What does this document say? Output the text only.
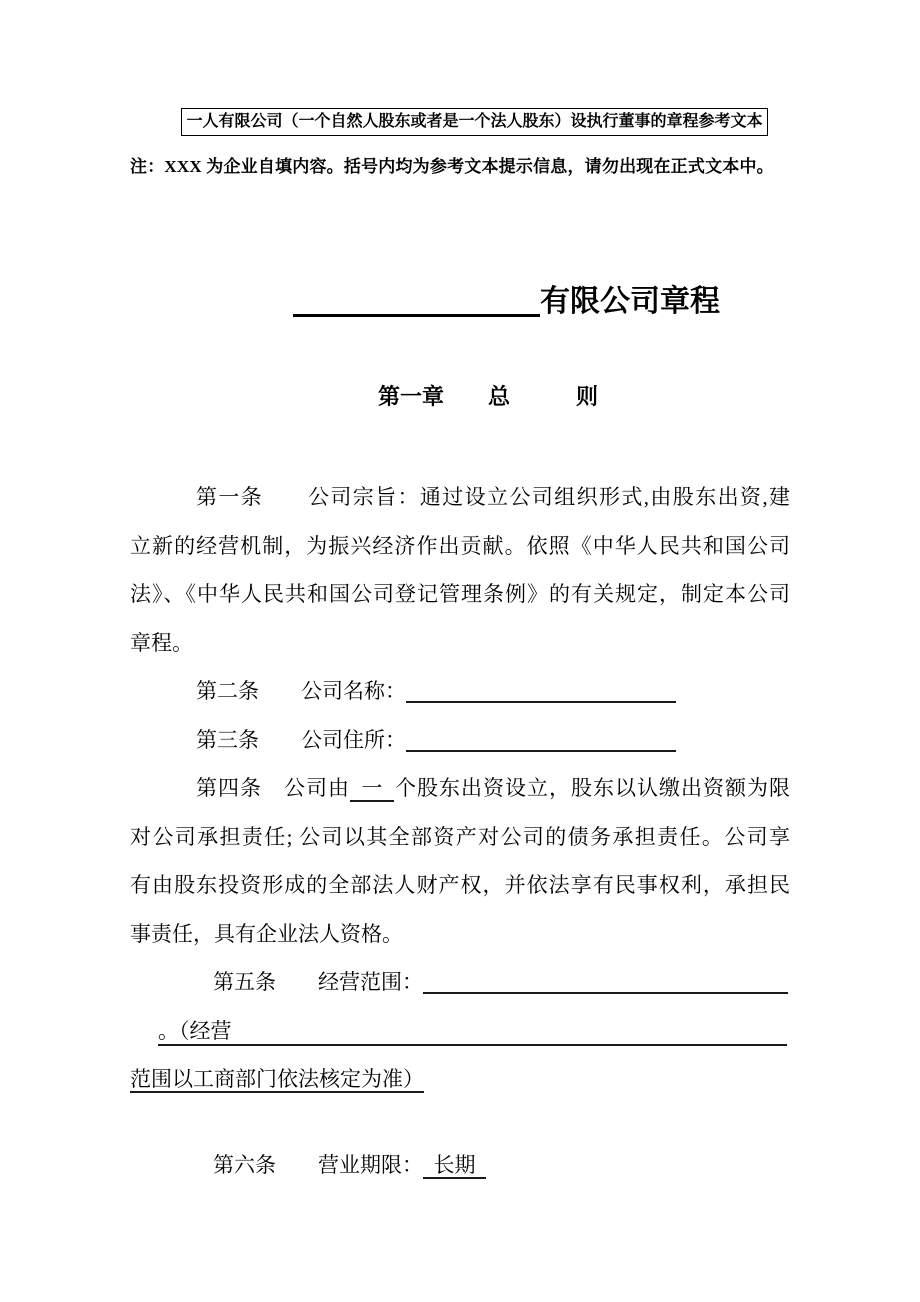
一人有限公司（一个自然人股东或者是一个法人股东）设执行董事的章程参考文本
注：XXX 为企业自填内容。括号内均为参考文本提示信息，请勿出现在正式文本中。
有限公司章程
第一章　　总　　　则
第一条　　公司宗旨：通过设立公司组织形式,由股东出资,建
立新的经营机制，为振兴经济作出贡献。依照《中华人民共和国公司
法》、《中华人民共和国公司登记管理条例》的有关规定，制定本公司
章程。
第二条　　公司名称：
第三条　　公司住所：
第四条　公司由 一 个股东出资设立，股东以认缴出资额为限
对公司承担责任; 公司以其全部资产对公司的债务承担责任。公司享
有由股东投资形成的全部法人财产权，并依法享有民事权利，承担民
事责任，具有企业法人资格。
第五条　　经营范围：
。（经营
范围以工商部门依法核定为准）
第六条　　营业期限： 长期 
